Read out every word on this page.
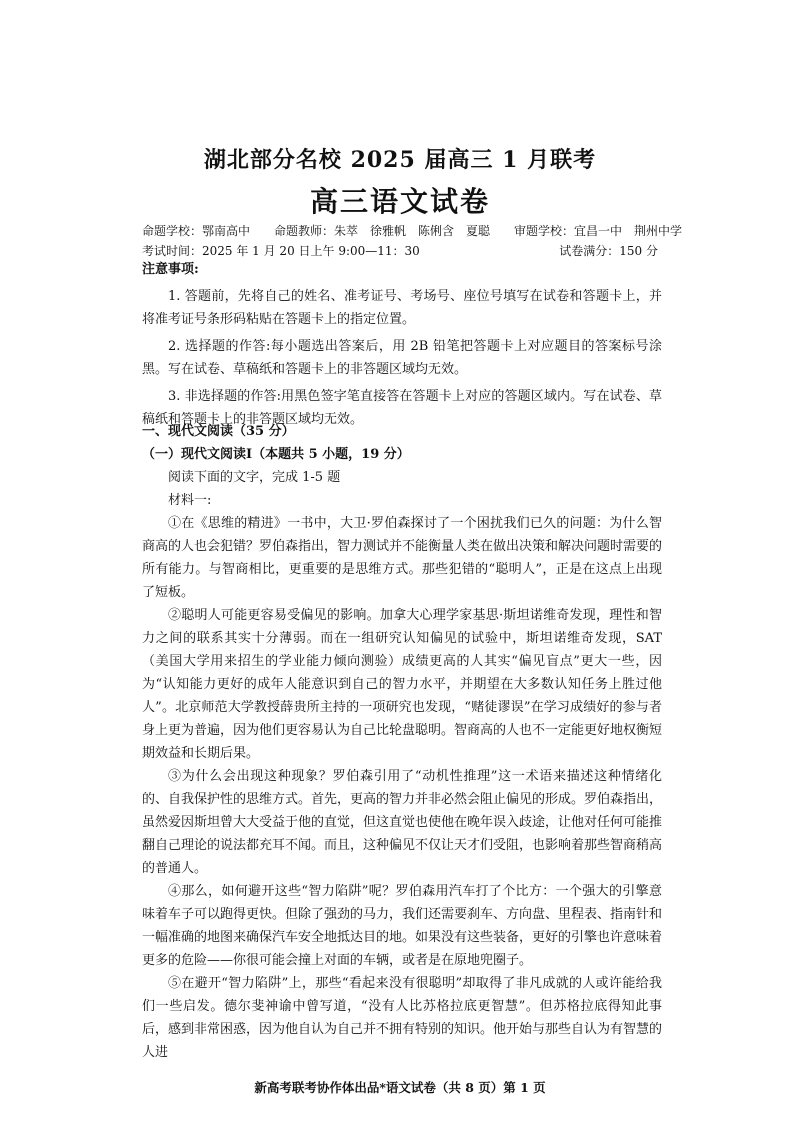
湖北部分名校 2025 届高三 1 月联考
高三语文试卷
命题学校：鄂南高中　　命题教师：朱萃　徐雅帆　陈俐含　夏聪　　审题学校：宜昌一中　荆州中学
考试时间：2025 年 1 月 20 日上午 9:00—11：30	试卷满分：150 分

注意事项:

1. 答题前，先将自己的姓名、准考证号、考场号、座位号填写在试卷和答题卡上，并将准考证号条形码粘贴在答题卡上的指定位置。

2. 选择题的作答:每小题选出答案后，用 2B 铅笔把答题卡上对应题目的答案标号涂黑。写在试卷、草稿纸和答题卡上的非答题区域均无效。

3. 非选择题的作答:用黑色签字笔直接答在答题卡上对应的答题区域内。写在试卷、草稿纸和答题卡上的非答题区域均无效。

一、现代文阅读（35 分）

（一）现代文阅读Ⅰ（本题共 5 小题，19 分）

阅读下面的文字，完成 1-5 题

材料一:

①在《思维的精进》一书中，大卫·罗伯森探讨了一个困扰我们已久的问题：为什么智商高的人也会犯错？罗伯森指出，智力测试并不能衡量人类在做出决策和解决问题时需要的所有能力。与智商相比，更重要的是思维方式。那些犯错的“聪明人”，正是在这点上出现了短板。

②聪明人可能更容易受偏见的影响。加拿大心理学家基思·斯坦诺维奇发现，理性和智力之间的联系其实十分薄弱。而在一组研究认知偏见的试验中，斯坦诺维奇发现，SAT（美国大学用来招生的学业能力倾向测验）成绩更高的人其实“偏见盲点”更大一些，因为“认知能力更好的成年人能意识到自己的智力水平，并期望在大多数认知任务上胜过他人”。北京师范大学教授薛贵所主持的一项研究也发现，“赌徒谬误”在学习成绩好的参与者身上更为普遍，因为他们更容易认为自己比轮盘聪明。智商高的人也不一定能更好地权衡短期效益和长期后果。

③为什么会出现这种现象？罗伯森引用了“动机性推理”这一术语来描述这种情绪化的、自我保护性的思维方式。首先，更高的智力并非必然会阻止偏见的形成。罗伯森指出，虽然爱因斯坦曾大大受益于他的直觉，但这直觉也使他在晚年误入歧途，让他对任何可能推翻自己理论的说法都充耳不闻。而且，这种偏见不仅让天才们受阻，也影响着那些智商稍高的普通人。

④那么，如何避开这些“智力陷阱”呢？罗伯森用汽车打了个比方：一个强大的引擎意味着车子可以跑得更快。但除了强劲的马力，我们还需要刹车、方向盘、里程表、指南针和一幅准确的地图来确保汽车安全地抵达目的地。如果没有这些装备，更好的引擎也许意味着更多的危险——你很可能会撞上对面的车辆，或者是在原地兜圈子。

⑤在避开“智力陷阱”上，那些“看起来没有很聪明”却取得了非凡成就的人或许能给我们一些启发。德尔斐神谕中曾写道，“没有人比苏格拉底更智慧”。但苏格拉底得知此事后，感到非常困惑，因为他自认为自己并不拥有特别的知识。他开始与那些自认为有智慧的人进

新高考联考协作体出品*语文试卷（共 8 页）第 1 页
